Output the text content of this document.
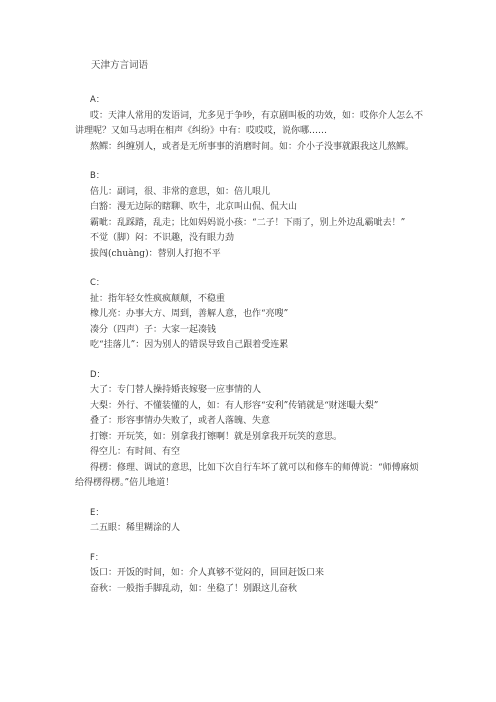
天津方言词语
A：

哎：天津人常用的发语词，尤多见于争吵，有京剧叫板的功效，如：哎你介人怎么不讲理呢？又如马志明在相声《纠纷》中有：哎哎哎，说你哪……

熬鳏：纠缠别人，或者是无所事事的消磨时间。如：介小子没事就跟我这儿熬鳏。

B：

倍儿：副词，很、非常的意思，如：倍儿哏儿

白豁：漫无边际的瞎聊、吹牛，北京叫山侃、侃大山

霸呲：乱踩踏，乱走；比如妈妈说小孩：“二子！下雨了，别上外边乱霸呲去！”

不觉（脚）闷：不识趣，没有眼力劲

拔闯(chuàng)：替别人打抱不平

C：

扯：指年轻女性疯疯颠颠，不稳重

橡儿亮：办事大方、周到，善解人意，也作“亮嗖”

凑分（四声）子：大家一起凑钱

吃“挂落儿”：因为别人的错误导致自己跟着受连累

D：

大了：专门替人操持婚丧嫁娶一应事情的人

大梨：外行、不懂装懂的人，如：有人形容“安利”传销就是“财迷嘬大梨”

叠了：形容事情办失败了，或者人落魄、失意

打镲：开玩笑，如：别拿我打镲啊！就是别拿我开玩笑的意思。

得空儿：有时间、有空

得楞：修理、调试的意思，比如下次自行车坏了就可以和修车的师傅说：“师傅麻烦给得楞得楞。”倍儿地道！

E：

二五眼：稀里糊涂的人

F：

饭口：开饭的时间，如：介人真够不觉闷的，回回赶饭口来

奋秋：一般指手脚乱动，如：坐稳了！别跟这儿奋秋
